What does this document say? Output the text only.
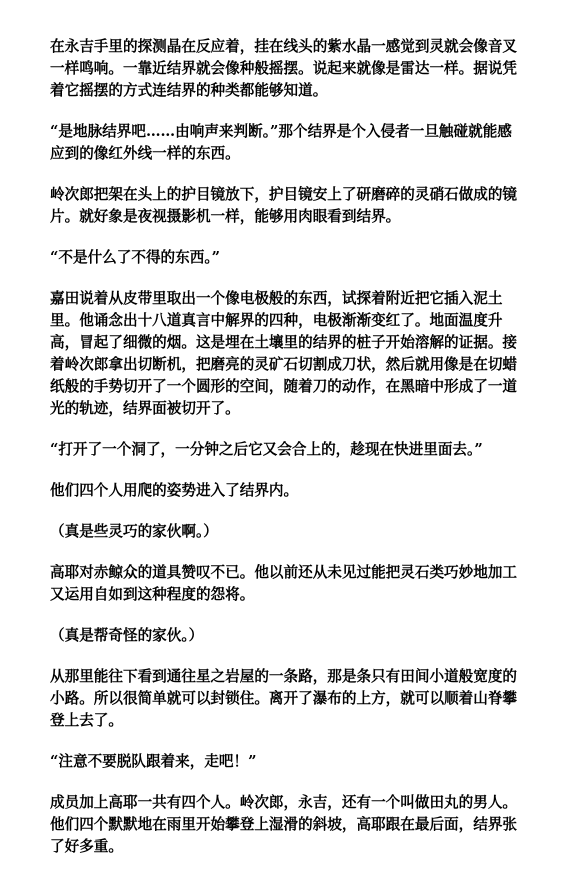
在永吉手里的探测晶在反应着，挂在线头的紫水晶一感觉到灵就会像音叉一样鸣响。一靠近结界就会像种般摇摆。说起来就像是雷达一样。据说凭着它摇摆的方式连结界的种类都能够知道。

“是地脉结界吧……由响声来判断。”那个结界是个入侵者一旦触碰就能感应到的像红外线一样的东西。

岭次郎把架在头上的护目镜放下，护目镜安上了研磨碎的灵硝石做成的镜片。就好象是夜视摄影机一样，能够用肉眼看到结界。

“不是什么了不得的东西。”

嘉田说着从皮带里取出一个像电极般的东西，试探着附近把它插入泥土里。他诵念出十八道真言中解界的四种，电极渐渐变红了。地面温度升高，冒起了细微的烟。这是埋在土壤里的结界的桩子开始溶解的证据。接着岭次郎拿出切断机，把磨亮的灵矿石切割成刀状，然后就用像是在切蜡纸般的手势切开了一个圆形的空间，随着刀的动作，在黑暗中形成了一道光的轨迹，结界面被切开了。

“打开了一个洞了，一分钟之后它又会合上的，趁现在快进里面去。”

他们四个人用爬的姿势进入了结界内。

（真是些灵巧的家伙啊。）

高耶对赤鲸众的道具赞叹不已。他以前还从未见过能把灵石类巧妙地加工又运用自如到这种程度的怨将。

（真是帮奇怪的家伙。）

从那里能往下看到通往星之岩屋的一条路，那是条只有田间小道般宽度的小路。所以很简单就可以封锁住。离开了瀑布的上方，就可以顺着山脊攀登上去了。

“注意不要脱队跟着来，走吧！”

成员加上高耶一共有四个人。岭次郎，永吉，还有一个叫做田丸的男人。他们四个默默地在雨里开始攀登上湿滑的斜坡，高耶跟在最后面，结界张了好多重。
